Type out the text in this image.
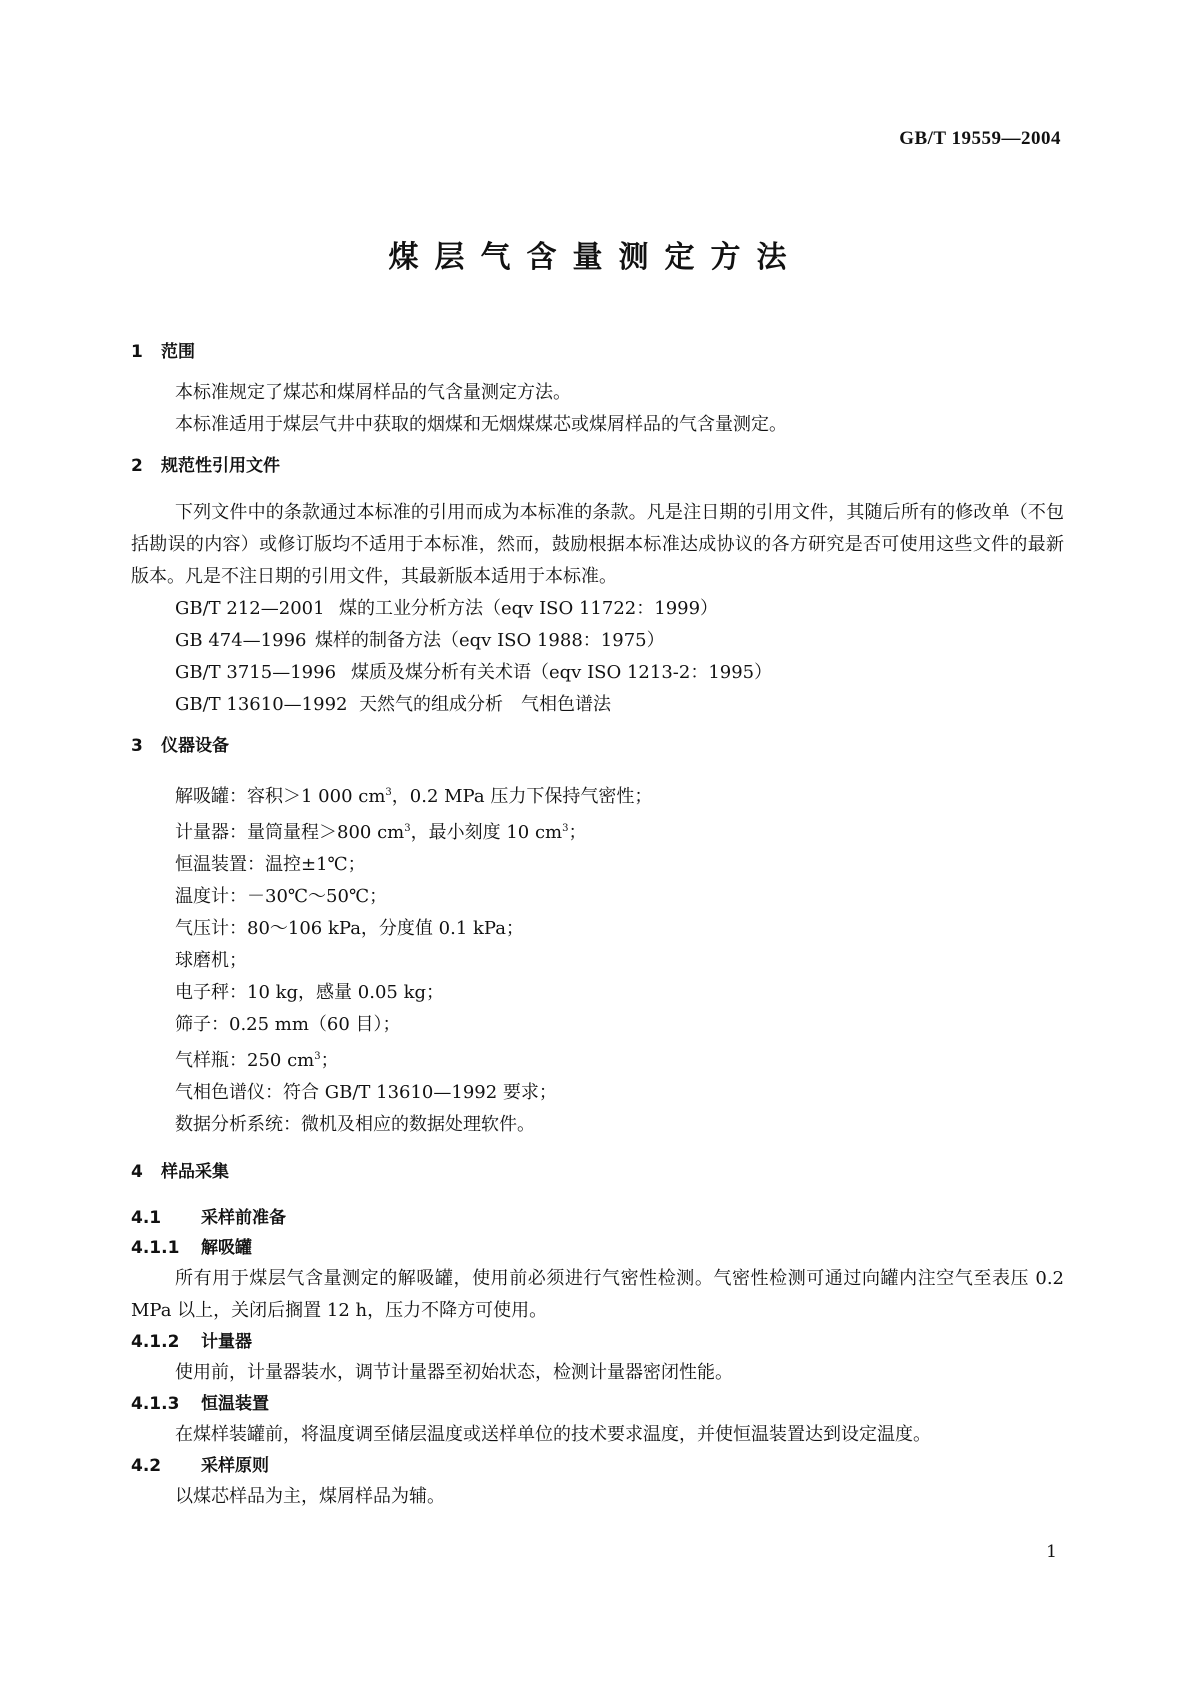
GB/T 19559—2004
煤层气含量测定方法
1 范围
本标准规定了煤芯和煤屑样品的气含量测定方法。
本标准适用于煤层气井中获取的烟煤和无烟煤煤芯或煤屑样品的气含量测定。
2 规范性引用文件
下列文件中的条款通过本标准的引用而成为本标准的条款。凡是注日期的引用文件，其随后所有的修改单（不包括勘误的内容）或修订版均不适用于本标准，然而，鼓励根据本标准达成协议的各方研究是否可使用这些文件的最新版本。凡是不注日期的引用文件，其最新版本适用于本标准。
GB/T 212—2001 煤的工业分析方法（eqv ISO 11722：1999）
GB 474—1996 煤样的制备方法（eqv ISO 1988：1975）
GB/T 3715—1996 煤质及煤分析有关术语（eqv ISO 1213-2：1995）
GB/T 13610—1992 天然气的组成分析　气相色谱法
3 仪器设备
解吸罐：容积＞1 000 $cm^3$，0.2 MPa 压力下保持气密性；
计量器：量筒量程＞800 $cm^3$，最小刻度 10 $cm^3$；
恒温装置：温控±1℃；
温度计：－30℃～50℃；
气压计：80～106 kPa，分度值 0.1 kPa；
球磨机；
电子秤：10 kg，感量 0.05 kg；
筛子：0.25 mm（60 目）；
气样瓶：250 $cm^3$；
气相色谱仪：符合 GB/T 13610—1992 要求；
数据分析系统：微机及相应的数据处理软件。
4 样品采集
4.1 采样前准备
4.1.1 解吸罐
所有用于煤层气含量测定的解吸罐，使用前必须进行气密性检测。气密性检测可通过向罐内注空气至表压 0.2 MPa 以上，关闭后搁置 12 h，压力不降方可使用。
4.1.2 计量器
使用前，计量器装水，调节计量器至初始状态，检测计量器密闭性能。
4.1.3 恒温装置
在煤样装罐前，将温度调至储层温度或送样单位的技术要求温度，并使恒温装置达到设定温度。
4.2 采样原则
以煤芯样品为主，煤屑样品为辅。
1
